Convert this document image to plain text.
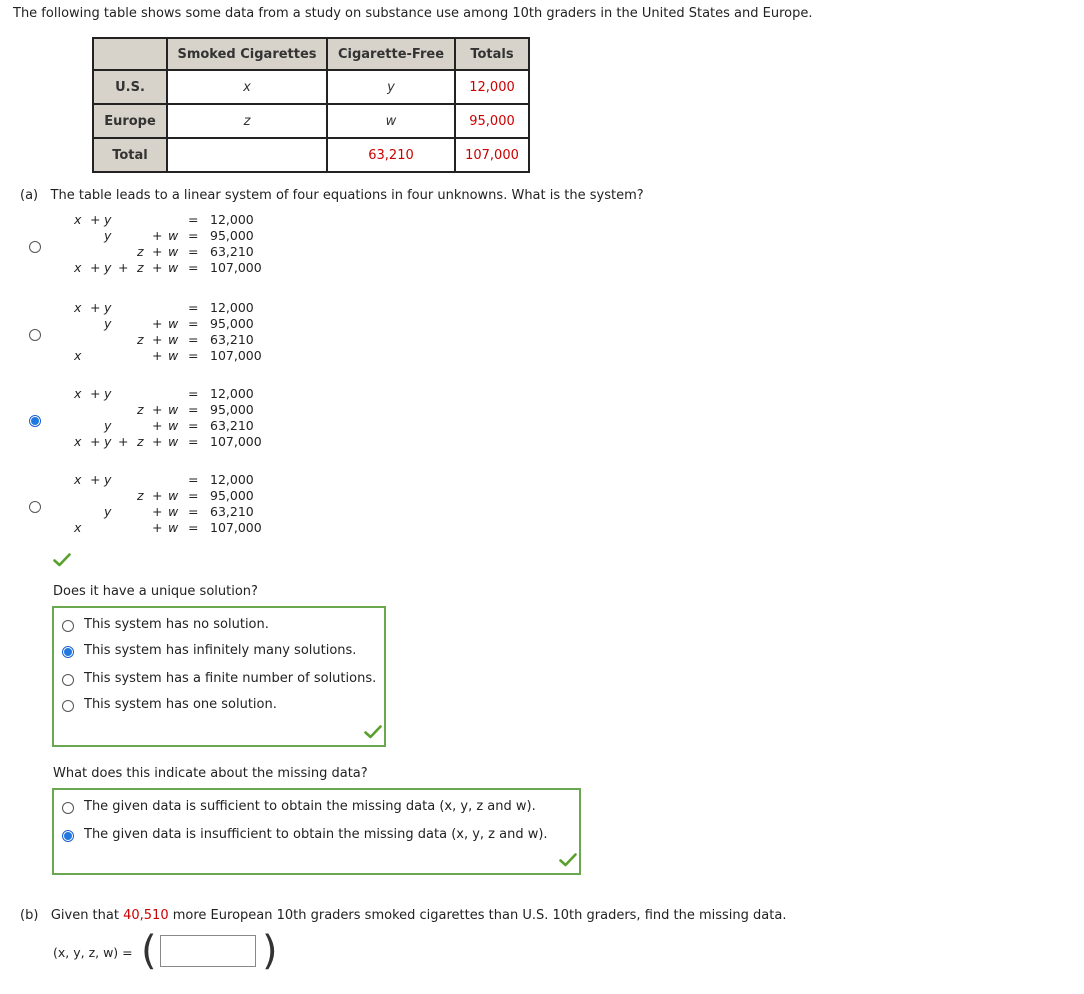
The following table shows some data from a study on substance use among 10th graders in the United States and Europe.
	Smoked Cigarettes	Cigarette-Free	Totals
U.S.	x	y	12,000
Europe	z	w	95,000
Total		63,210	107,000
(a) The table leads to a linear system of four equations in four unknowns. What is the system?
x + y	= 12,000
y	+ w = 95,000
z + w = 63,210
x + y + z + w = 107,000
x + y	= 12,000
y	+ w = 95,000
z + w = 63,210
x	+ w = 107,000
x + y	= 12,000
z + w = 95,000
y	+ w = 63,210
x + y + z + w = 107,000
x + y	= 12,000
z + w = 95,000
y	+ w = 63,210
x	+ w = 107,000
Does it have a unique solution?
This system has no solution.
This system has infinitely many solutions.
This system has a finite number of solutions.
This system has one solution.
What does this indicate about the missing data?
The given data is sufficient to obtain the missing data (x, y, z and w).
The given data is insufficient to obtain the missing data (x, y, z and w).
(b) Given that 40,510 more European 10th graders smoked cigarettes than U.S. 10th graders, find the missing data.
(x, y, z, w) = (	)
